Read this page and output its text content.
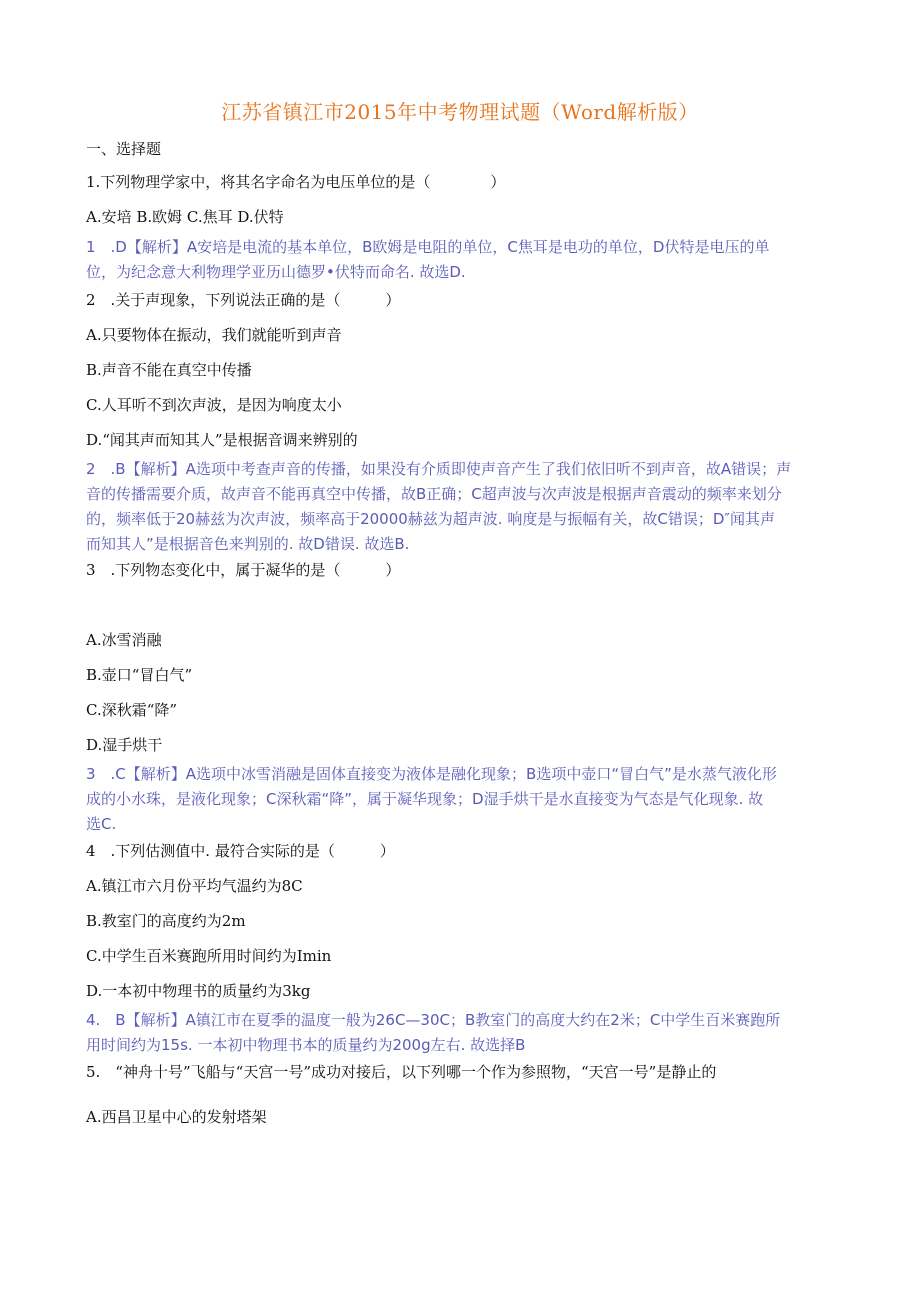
江苏省镇江市2015年中考物理试题（Word解析版）
一、选择题
1.下列物理学家中，将其名字命名为电压单位的是（　　　　）
A.安培 B.欧姆 C.焦耳 D.伏特
1　.D【解析】A安培是电流的基本单位，B欧姆是电阻的单位，C焦耳是电功的单位，D伏特是电压的单
位，为纪念意大利物理学亚历山德罗•伏特而命名. 故选D.
2　.关于声现象，下列说法正确的是（　　　）
A.只要物体在振动，我们就能听到声音
B.声音不能在真空中传播
C.人耳听不到次声波，是因为响度太小
D.“闻其声而知其人”是根据音调来辨别的
2　.B【解析】A选项中考查声音的传播，如果没有介质即使声音产生了我们依旧听不到声音，故A错误；声
音的传播需要介质，故声音不能再真空中传播，故B正确；C超声波与次声波是根据声音震动的频率来划分
的，频率低于20赫兹为次声波，频率高于20000赫兹为超声波. 响度是与振幅有关，故C错误；D″闻其声
而知其人”是根据音色来判别的. 故D错误. 故选B.
3　.下列物态变化中，属于凝华的是（　　　）
A.冰雪消融
B.壶口“冒白气”
C.深秋霜“降”
D.湿手烘干
3　.C【解析】A选项中冰雪消融是固体直接变为液体是融化现象；B选项中壶口“冒白气”是水蒸气液化形
成的小水珠，是液化现象；C深秋霜“降”，属于凝华现象；D湿手烘干是水直接变为气态是气化现象. 故
选C.
4　.下列估测值中. 最符合实际的是（　　　）
A.镇江市六月份平均气温约为8C
B.教室门的高度约为2m
C.中学生百米赛跑所用时间约为Imin
D.一本初中物理书的质量约为3kg
4.　B【解析】A镇江市在夏季的温度一般为26C—30C；B教室门的高度大约在2米；C中学生百米赛跑所
用时间约为15s. 一本初中物理书本的质量约为200g左右. 故选择B
5.　“神舟十号”飞船与“天宫一号”成功对接后，以下列哪一个作为参照物，“天宫一号”是静止的
A.西昌卫星中心的发射塔架
